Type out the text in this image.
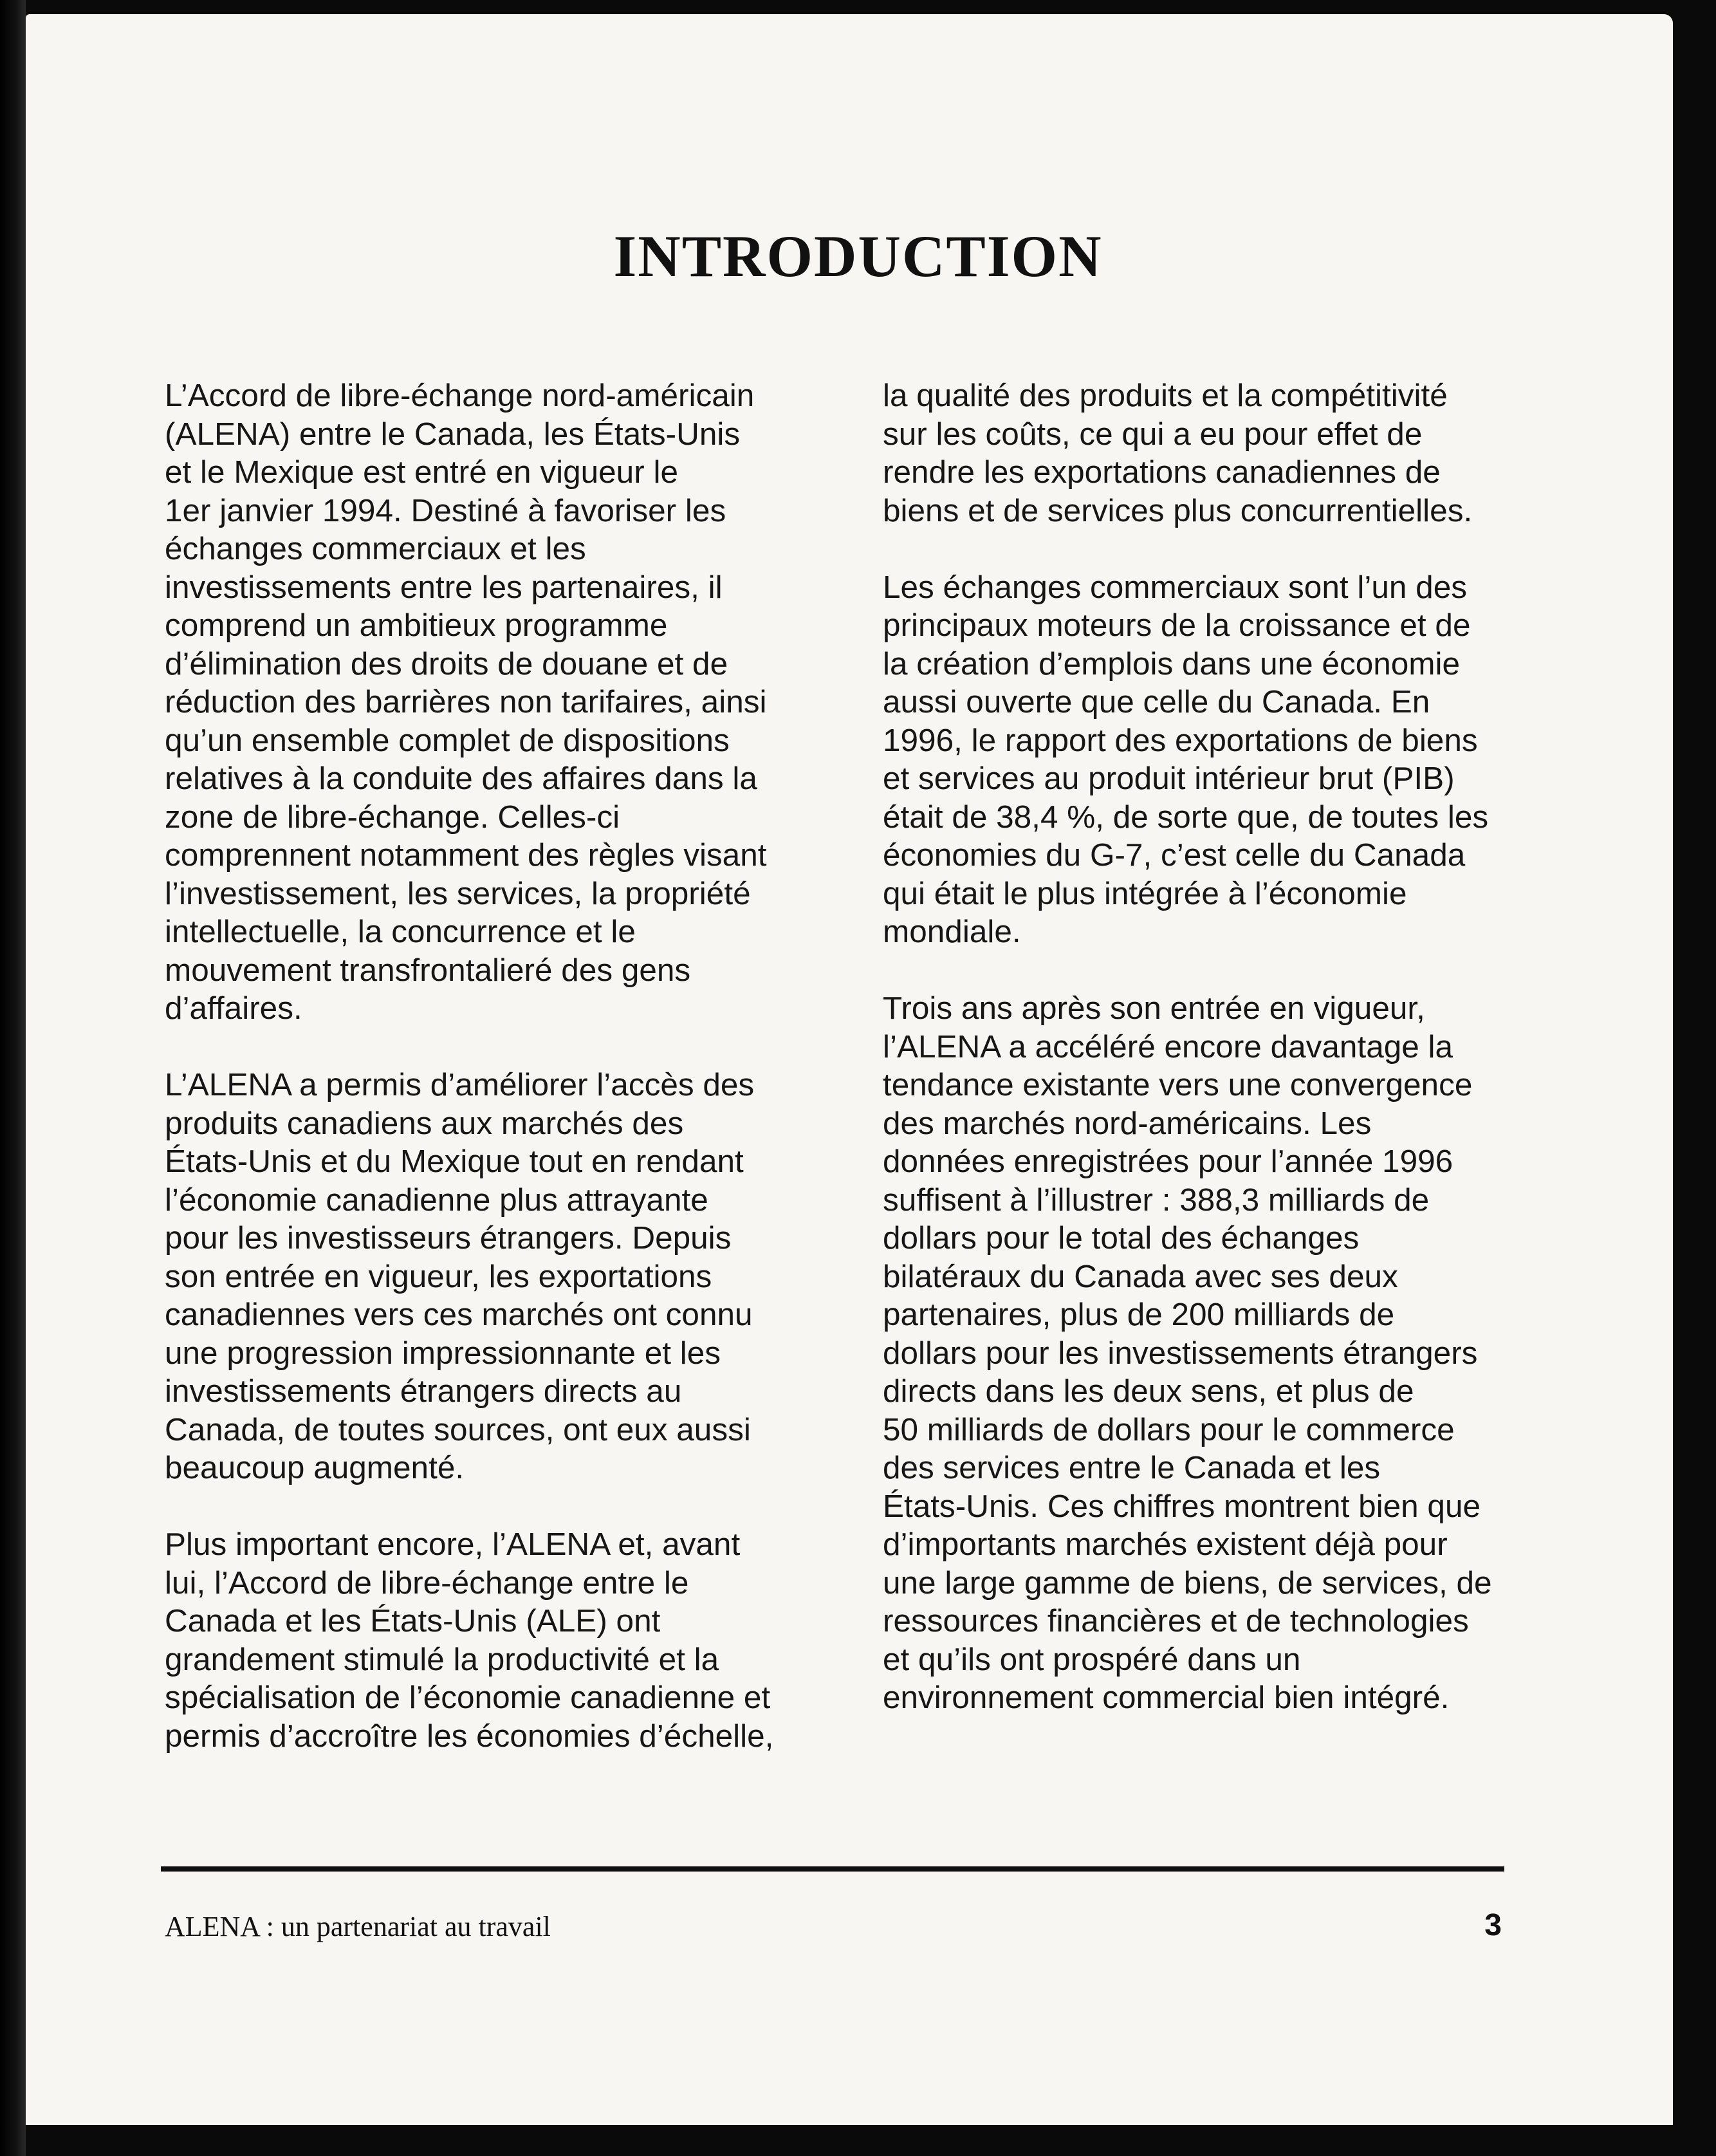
INTRODUCTION

L’Accord de libre-échange nord-américain
(ALENA) entre le Canada, les États-Unis
et le Mexique est entré en vigueur le
1er janvier 1994. Destiné à favoriser les
échanges commerciaux et les
investissements entre les partenaires, il
comprend un ambitieux programme
d’élimination des droits de douane et de
réduction des barrières non tarifaires, ainsi
qu’un ensemble complet de dispositions
relatives à la conduite des affaires dans la
zone de libre-échange. Celles-ci
comprennent notamment des règles visant
l’investissement, les services, la propriété
intellectuelle, la concurrence et le
mouvement transfrontalieré des gens
d’affaires.

L’ALENA a permis d’améliorer l’accès des
produits canadiens aux marchés des
États-Unis et du Mexique tout en rendant
l’économie canadienne plus attrayante
pour les investisseurs étrangers. Depuis
son entrée en vigueur, les exportations
canadiennes vers ces marchés ont connu
une progression impressionnante et les
investissements étrangers directs au
Canada, de toutes sources, ont eux aussi
beaucoup augmenté.

Plus important encore, l’ALENA et, avant
lui, l’Accord de libre-échange entre le
Canada et les États-Unis (ALE) ont
grandement stimulé la productivité et la
spécialisation de l’économie canadienne et
permis d’accroître les économies d’échelle,

la qualité des produits et la compétitivité
sur les coûts, ce qui a eu pour effet de
rendre les exportations canadiennes de
biens et de services plus concurrentielles.

Les échanges commerciaux sont l’un des
principaux moteurs de la croissance et de
la création d’emplois dans une économie
aussi ouverte que celle du Canada. En
1996, le rapport des exportations de biens
et services au produit intérieur brut (PIB)
était de 38,4 %, de sorte que, de toutes les
économies du G-7, c’est celle du Canada
qui était le plus intégrée à l’économie
mondiale.

Trois ans après son entrée en vigueur,
l’ALENA a accéléré encore davantage la
tendance existante vers une convergence
des marchés nord-américains. Les
données enregistrées pour l’année 1996
suffisent à l’illustrer : 388,3 milliards de
dollars pour le total des échanges
bilatéraux du Canada avec ses deux
partenaires, plus de 200 milliards de
dollars pour les investissements étrangers
directs dans les deux sens, et plus de
50 milliards de dollars pour le commerce
des services entre le Canada et les
États-Unis. Ces chiffres montrent bien que
d’importants marchés existent déjà pour
une large gamme de biens, de services, de
ressources financières et de technologies
et qu’ils ont prospéré dans un
environnement commercial bien intégré.

ALENA : un partenariat au travail	3
